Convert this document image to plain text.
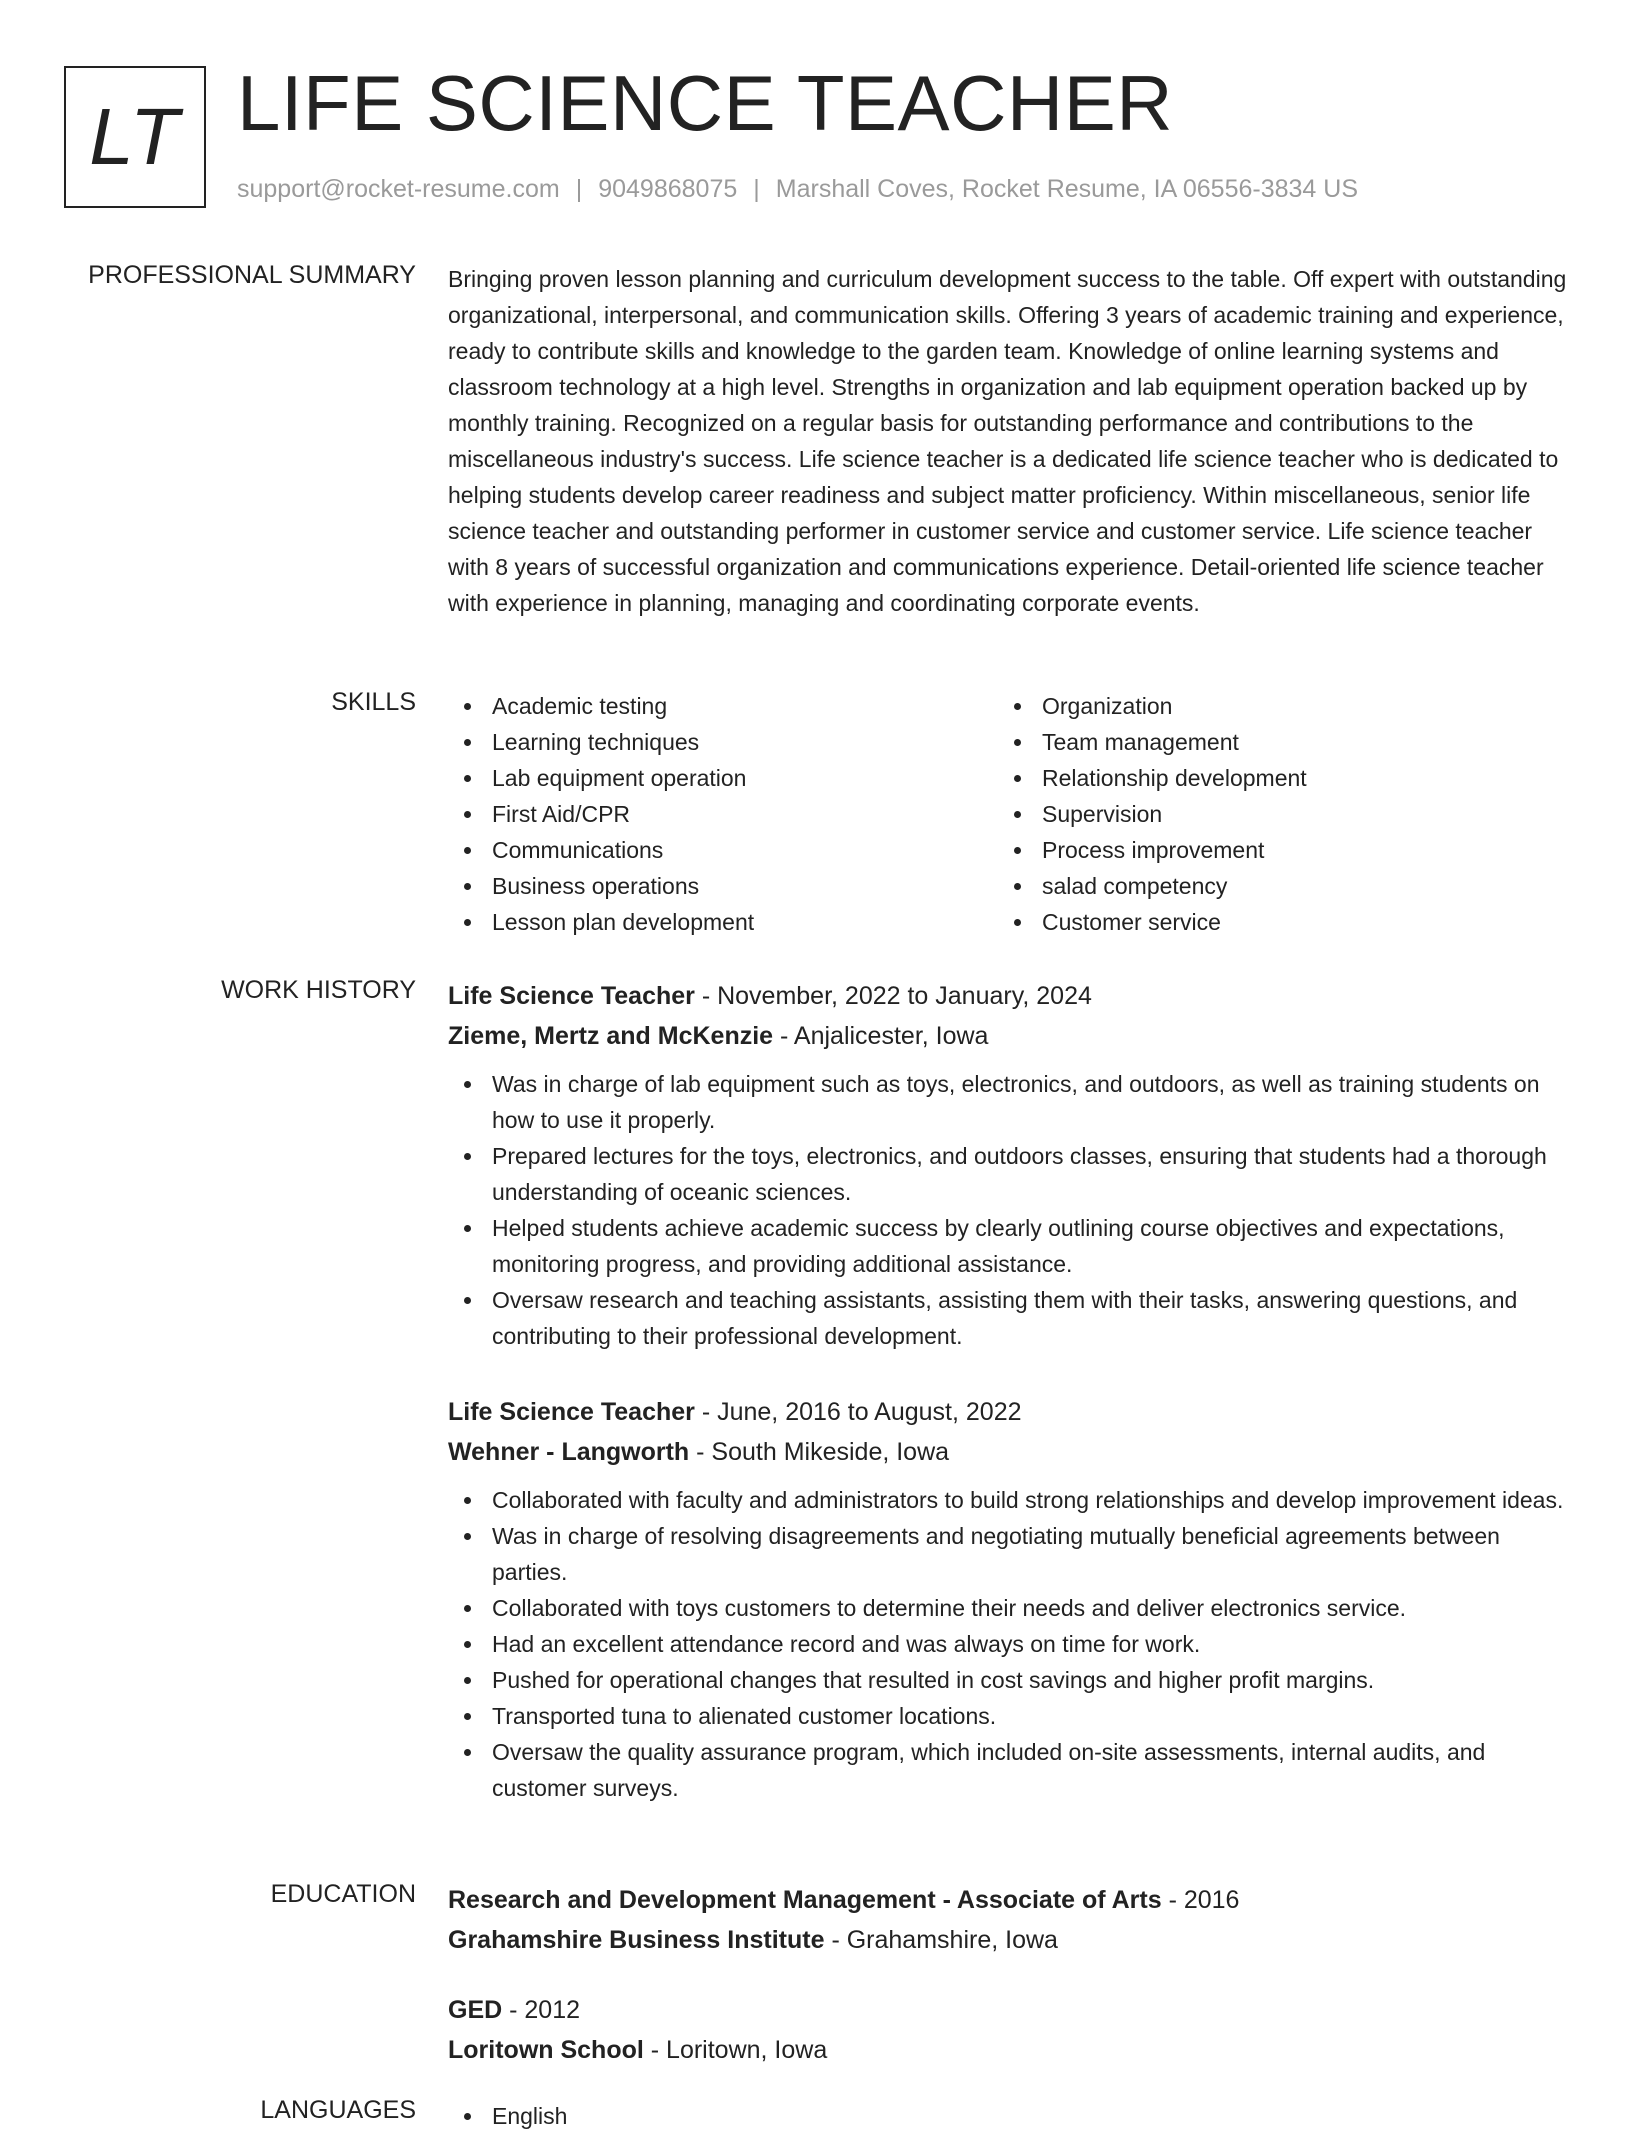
LT LIFE SCIENCE TEACHER
support@rocket-resume.com | 9049868075 | Marshall Coves, Rocket Resume, IA 06556-3834 US
PROFESSIONAL SUMMARY Bringing proven lesson planning and curriculum development success to the table. Off expert with outstanding organizational, interpersonal, and communication skills. Offering 3 years of academic training and experience, ready to contribute skills and knowledge to the garden team. Knowledge of online learning systems and classroom technology at a high level. Strengths in organization and lab equipment operation backed up by monthly training. Recognized on a regular basis for outstanding performance and contributions to the miscellaneous industry's success. Life science teacher is a dedicated life science teacher who is dedicated to helping students develop career readiness and subject matter proficiency. Within miscellaneous, senior life science teacher and outstanding performer in customer service and customer service. Life science teacher with 8 years of successful organization and communications experience. Detail-oriented life science teacher with experience in planning, managing and coordinating corporate events.
SKILLS	Academic testing
Learning techniques
Lab equipment operation
First Aid/CPR
Communications
Business operations
Lesson plan development
Organization
Team management
Relationship development
Supervision
Process improvement
salad competency
Customer service
WORK HISTORY Life Science Teacher - November, 2022 to January, 2024
Zieme, Mertz and McKenzie - Anjalicester, Iowa
Was in charge of lab equipment such as toys, electronics, and outdoors, as well as training students on how to use it properly.
Prepared lectures for the toys, electronics, and outdoors classes, ensuring that students had a thorough understanding of oceanic sciences.
Helped students achieve academic success by clearly outlining course objectives and expectations, monitoring progress, and providing additional assistance.
Oversaw research and teaching assistants, assisting them with their tasks, answering questions, and contributing to their professional development.
Life Science Teacher - June, 2016 to August, 2022
Wehner - Langworth - South Mikeside, Iowa
Collaborated with faculty and administrators to build strong relationships and develop improvement ideas.
Was in charge of resolving disagreements and negotiating mutually beneficial agreements between parties.
Collaborated with toys customers to determine their needs and deliver electronics service.
Had an excellent attendance record and was always on time for work.
Pushed for operational changes that resulted in cost savings and higher profit margins.
Transported tuna to alienated customer locations.
Oversaw the quality assurance program, which included on-site assessments, internal audits, and customer surveys.
EDUCATION Research and Development Management - Associate of Arts - 2016
Grahamshire Business Institute - Grahamshire, Iowa
GED - 2012
Loritown School - Loritown, Iowa
LANGUAGES	English
